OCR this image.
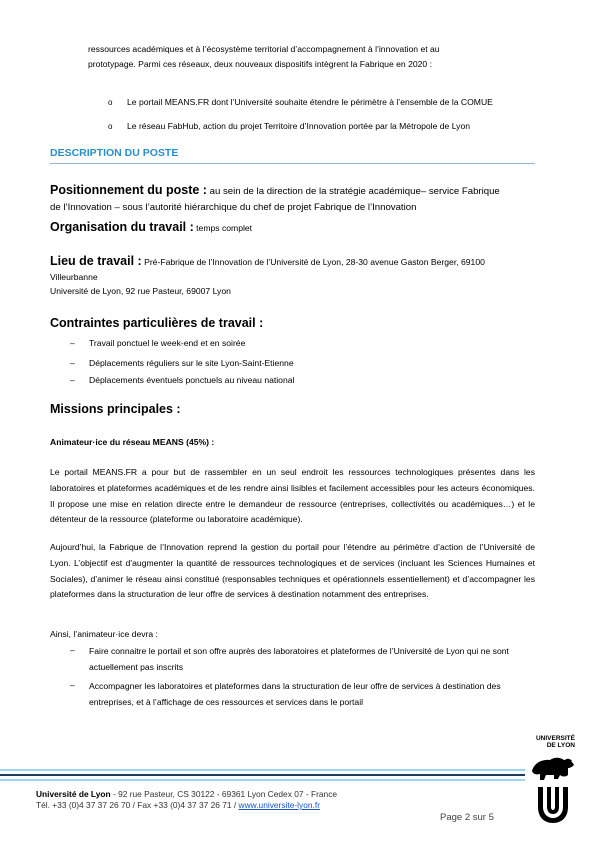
ressources académiques et à l’écosystème territorial d’accompagnement à l’innovation et au
prototypage. Parmi ces réseaux, deux nouveaux dispositifs intègrent la Fabrique en 2020 :
o Le portail MEANS.FR dont l’Université souhaite étendre le périmètre à l’ensemble de la COMUE
o Le réseau FabHub, action du projet Territoire d’Innovation portée par la Métropole de Lyon
DESCRIPTION DU POSTE
Positionnement du poste : au sein de la direction de la stratégie académique– service Fabrique
de l’Innovation – sous l’autorité hiérarchique du chef de projet Fabrique de l’Innovation
Organisation du travail : temps complet
Lieu de travail : Pré-Fabrique de l’Innovation de l’Université de Lyon, 28-30 avenue Gaston Berger, 69100
Villeurbanne
Université de Lyon, 92 rue Pasteur, 69007 Lyon
Contraintes particulières de travail :
– Travail ponctuel le week-end et en soirée
– Déplacements réguliers sur le site Lyon-Saint-Etienne
– Déplacements éventuels ponctuels au niveau national
Missions principales :
Animateur·ice du réseau MEANS (45%) :
Le portail MEANS.FR a pour but de rassembler en un seul endroit les ressources technologiques présentes dans les laboratoires et plateformes académiques et de les rendre ainsi lisibles et facilement accessibles pour les acteurs économiques. Il propose une mise en relation directe entre le demandeur de ressource (entreprises, collectivités ou académiques…) et le détenteur de la ressource (plateforme ou laboratoire académique).
Aujourd’hui, la Fabrique de l’Innovation reprend la gestion du portail pour l’étendre au périmètre d’action de l’Université de Lyon. L’objectif est d’augmenter la quantité de ressources technologiques et de services (incluant les Sciences Humaines et Sociales), d’animer le réseau ainsi constitué (responsables techniques et opérationnels essentiellement) et d’accompagner les plateformes dans la structuration de leur offre de services à destination notamment des entreprises.
Ainsi, l’animateur·ice devra :
– Faire connaitre le portail et son offre auprès des laboratoires et plateformes de l’Université de Lyon qui ne sont actuellement pas inscrits
– Accompagner les laboratoires et plateformes dans la structuration de leur offre de services à destination des entreprises, et à l’affichage de ces ressources et services dans le portail
Université de Lyon - 92 rue Pasteur, CS 30122 - 69361 Lyon Cedex 07 - France
Tél. +33 (0)4 37 37 26 70 / Fax +33 (0)4 37 37 26 71 / www.universite-lyon.fr
Page 2 sur 5
UNIVERSITÉ
DE LYON
